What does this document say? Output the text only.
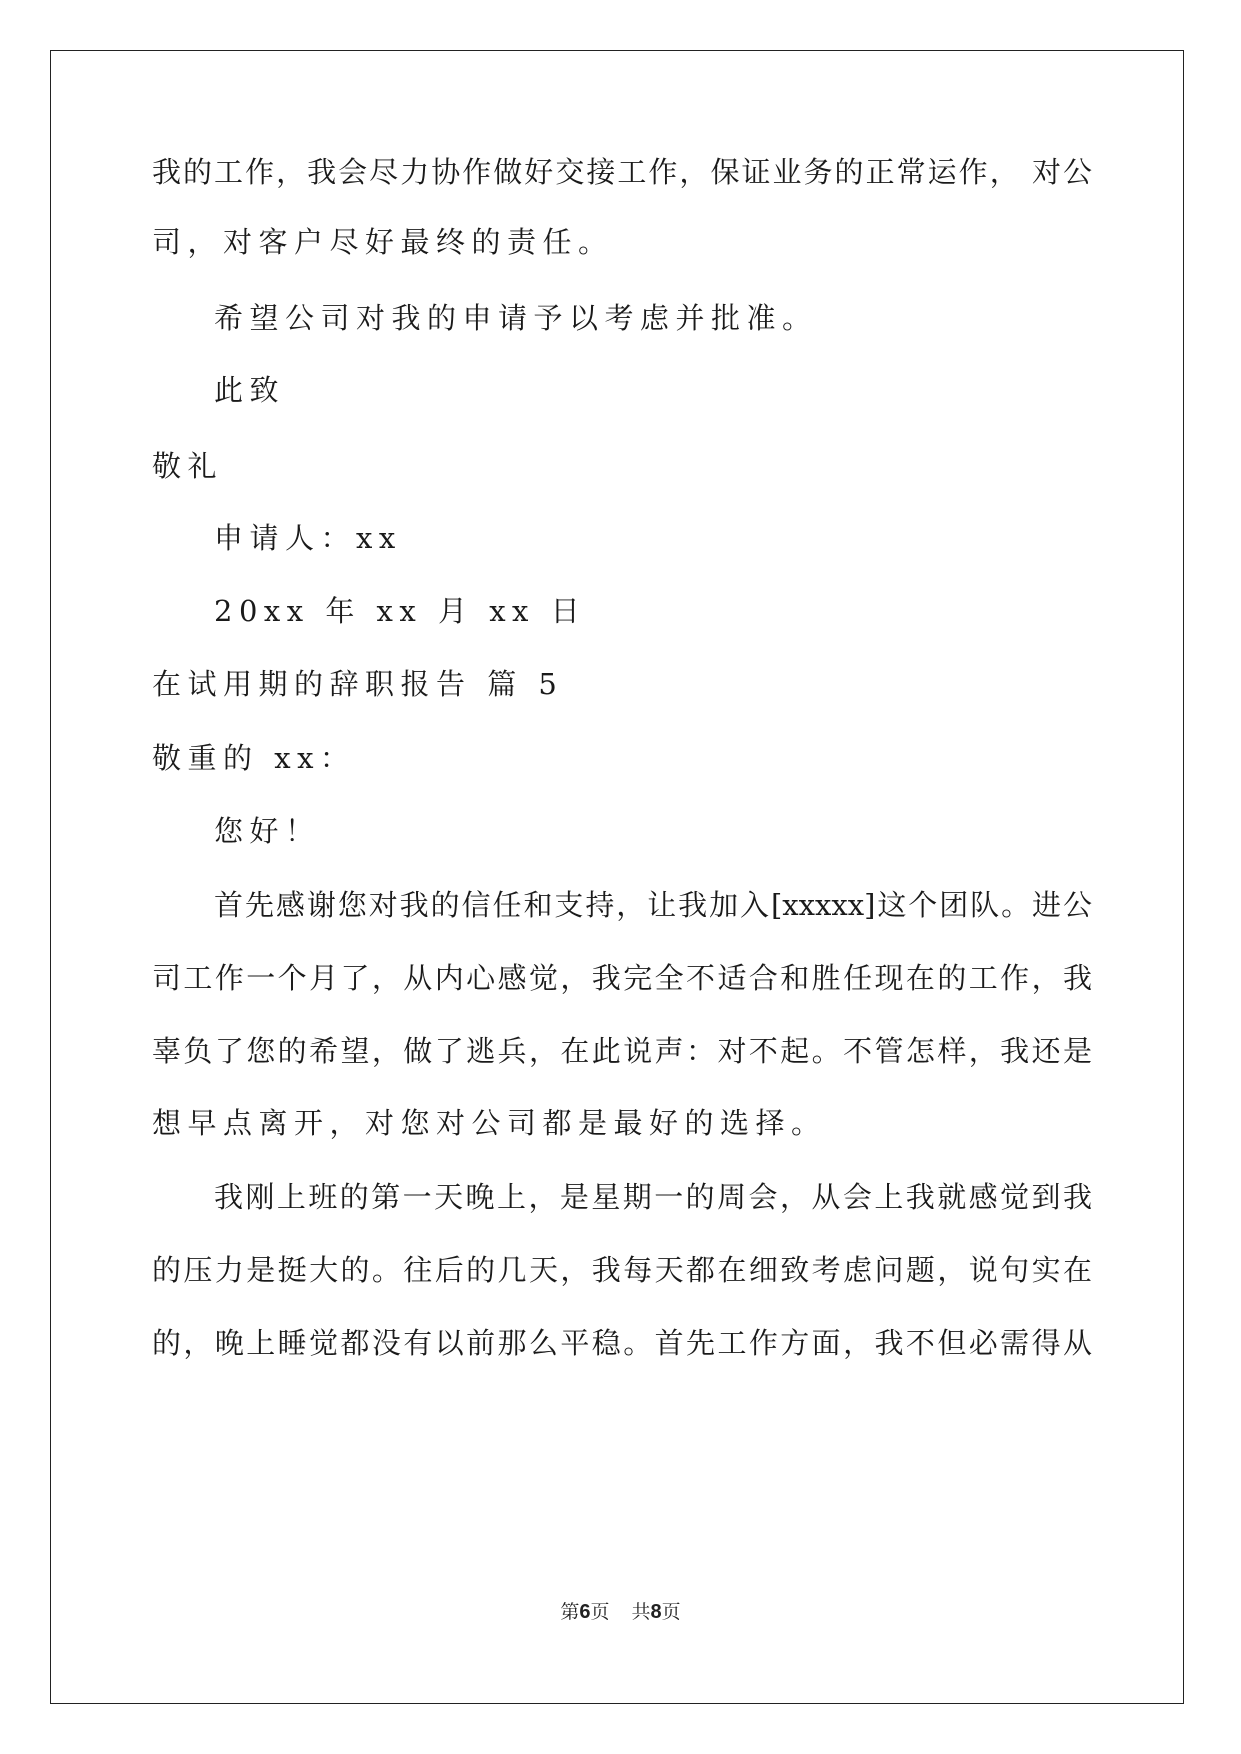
我的工作，我会尽力协作做好交接工作，保证业务的正常运作， 对公
司，对客户尽好最终的责任。
希望公司对我的申请予以考虑并批准。
此致
敬礼
申请人：xx
20xx 年 xx 月 xx 日
在试用期的辞职报告 篇 5
敬重的 xx：
您好！
首先感谢您对我的信任和支持，让我加入[xxxxx]这个团队。进公
司工作一个月了，从内心感觉，我完全不适合和胜任现在的工作，我
辜负了您的希望，做了逃兵，在此说声：对不起。不管怎样，我还是
想早点离开，对您对公司都是最好的选择。
我刚上班的第一天晚上，是星期一的周会，从会上我就感觉到我
的压力是挺大的。往后的几天，我每天都在细致考虑问题，说句实在
的，晚上睡觉都没有以前那么平稳。首先工作方面，我不但必需得从
第6页 共8页
